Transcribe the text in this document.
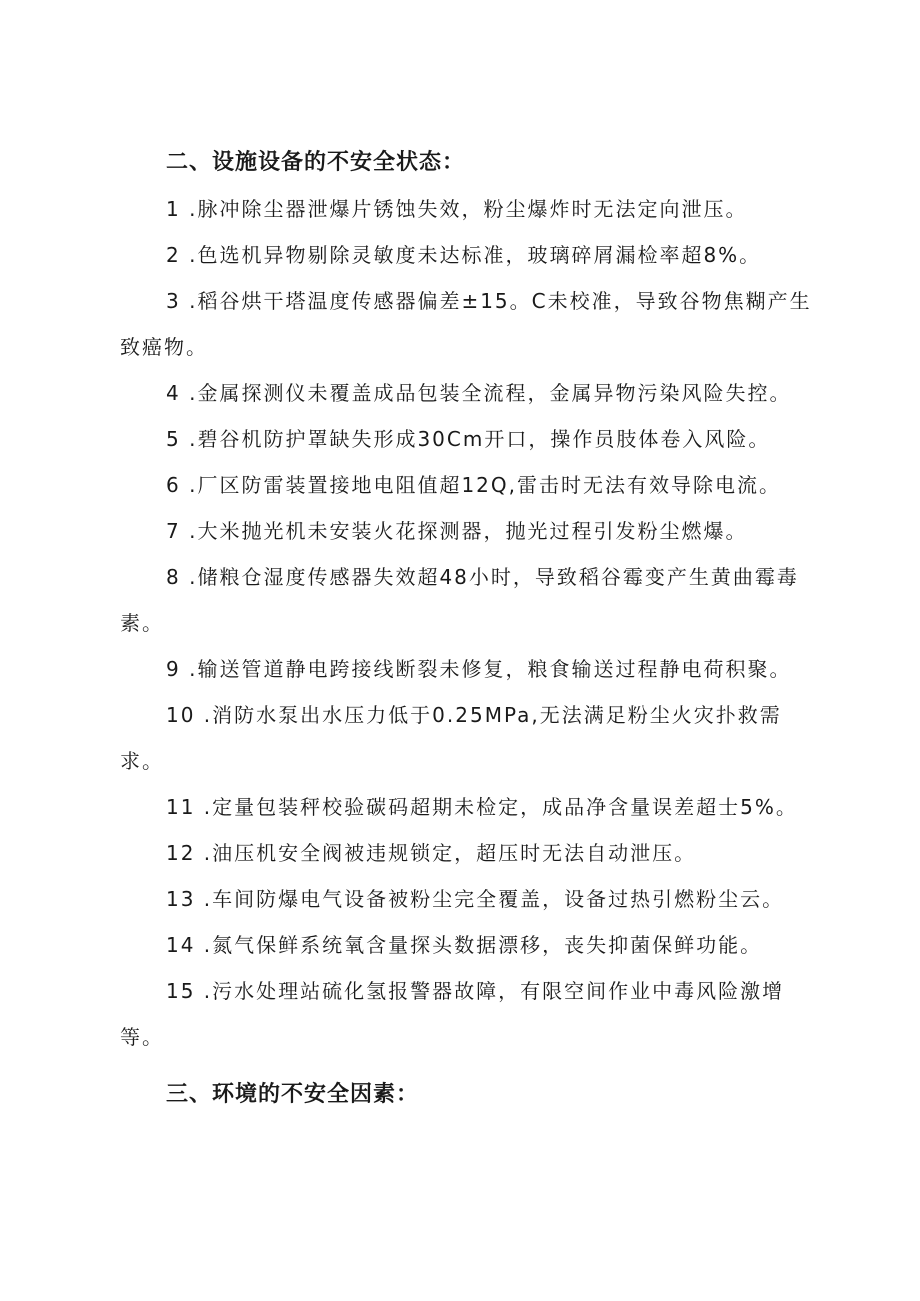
二、设施设备的不安全状态：

1 .脉冲除尘器泄爆片锈蚀失效，粉尘爆炸时无法定向泄压。

2 .色选机异物剔除灵敏度未达标准，玻璃碎屑漏检率超8%。

3 .稻谷烘干塔温度传感器偏差±15。C未校准，导致谷物焦糊产生致癌物。

4 .金属探测仪未覆盖成品包装全流程，金属异物污染风险失控。

5 .碧谷机防护罩缺失形成30Cm开口，操作员肢体卷入风险。

6 .厂区防雷装置接地电阻值超12Q,雷击时无法有效导除电流。

7 .大米抛光机未安装火花探测器，抛光过程引发粉尘燃爆。

8 .储粮仓湿度传感器失效超48小时，导致稻谷霉变产生黄曲霉毒素。

9 .输送管道静电跨接线断裂未修复，粮食输送过程静电荷积聚。

10 .消防水泵出水压力低于0.25MPa,无法满足粉尘火灾扑救需求。

11 .定量包装秤校验碳码超期未检定，成品净含量误差超士5%。

12 .油压机安全阀被违规锁定，超压时无法自动泄压。

13 .车间防爆电气设备被粉尘完全覆盖，设备过热引燃粉尘云。

14 .氮气保鲜系统氧含量探头数据漂移，丧失抑菌保鲜功能。

15 .污水处理站硫化氢报警器故障，有限空间作业中毒风险激增等。

三、环境的不安全因素：
